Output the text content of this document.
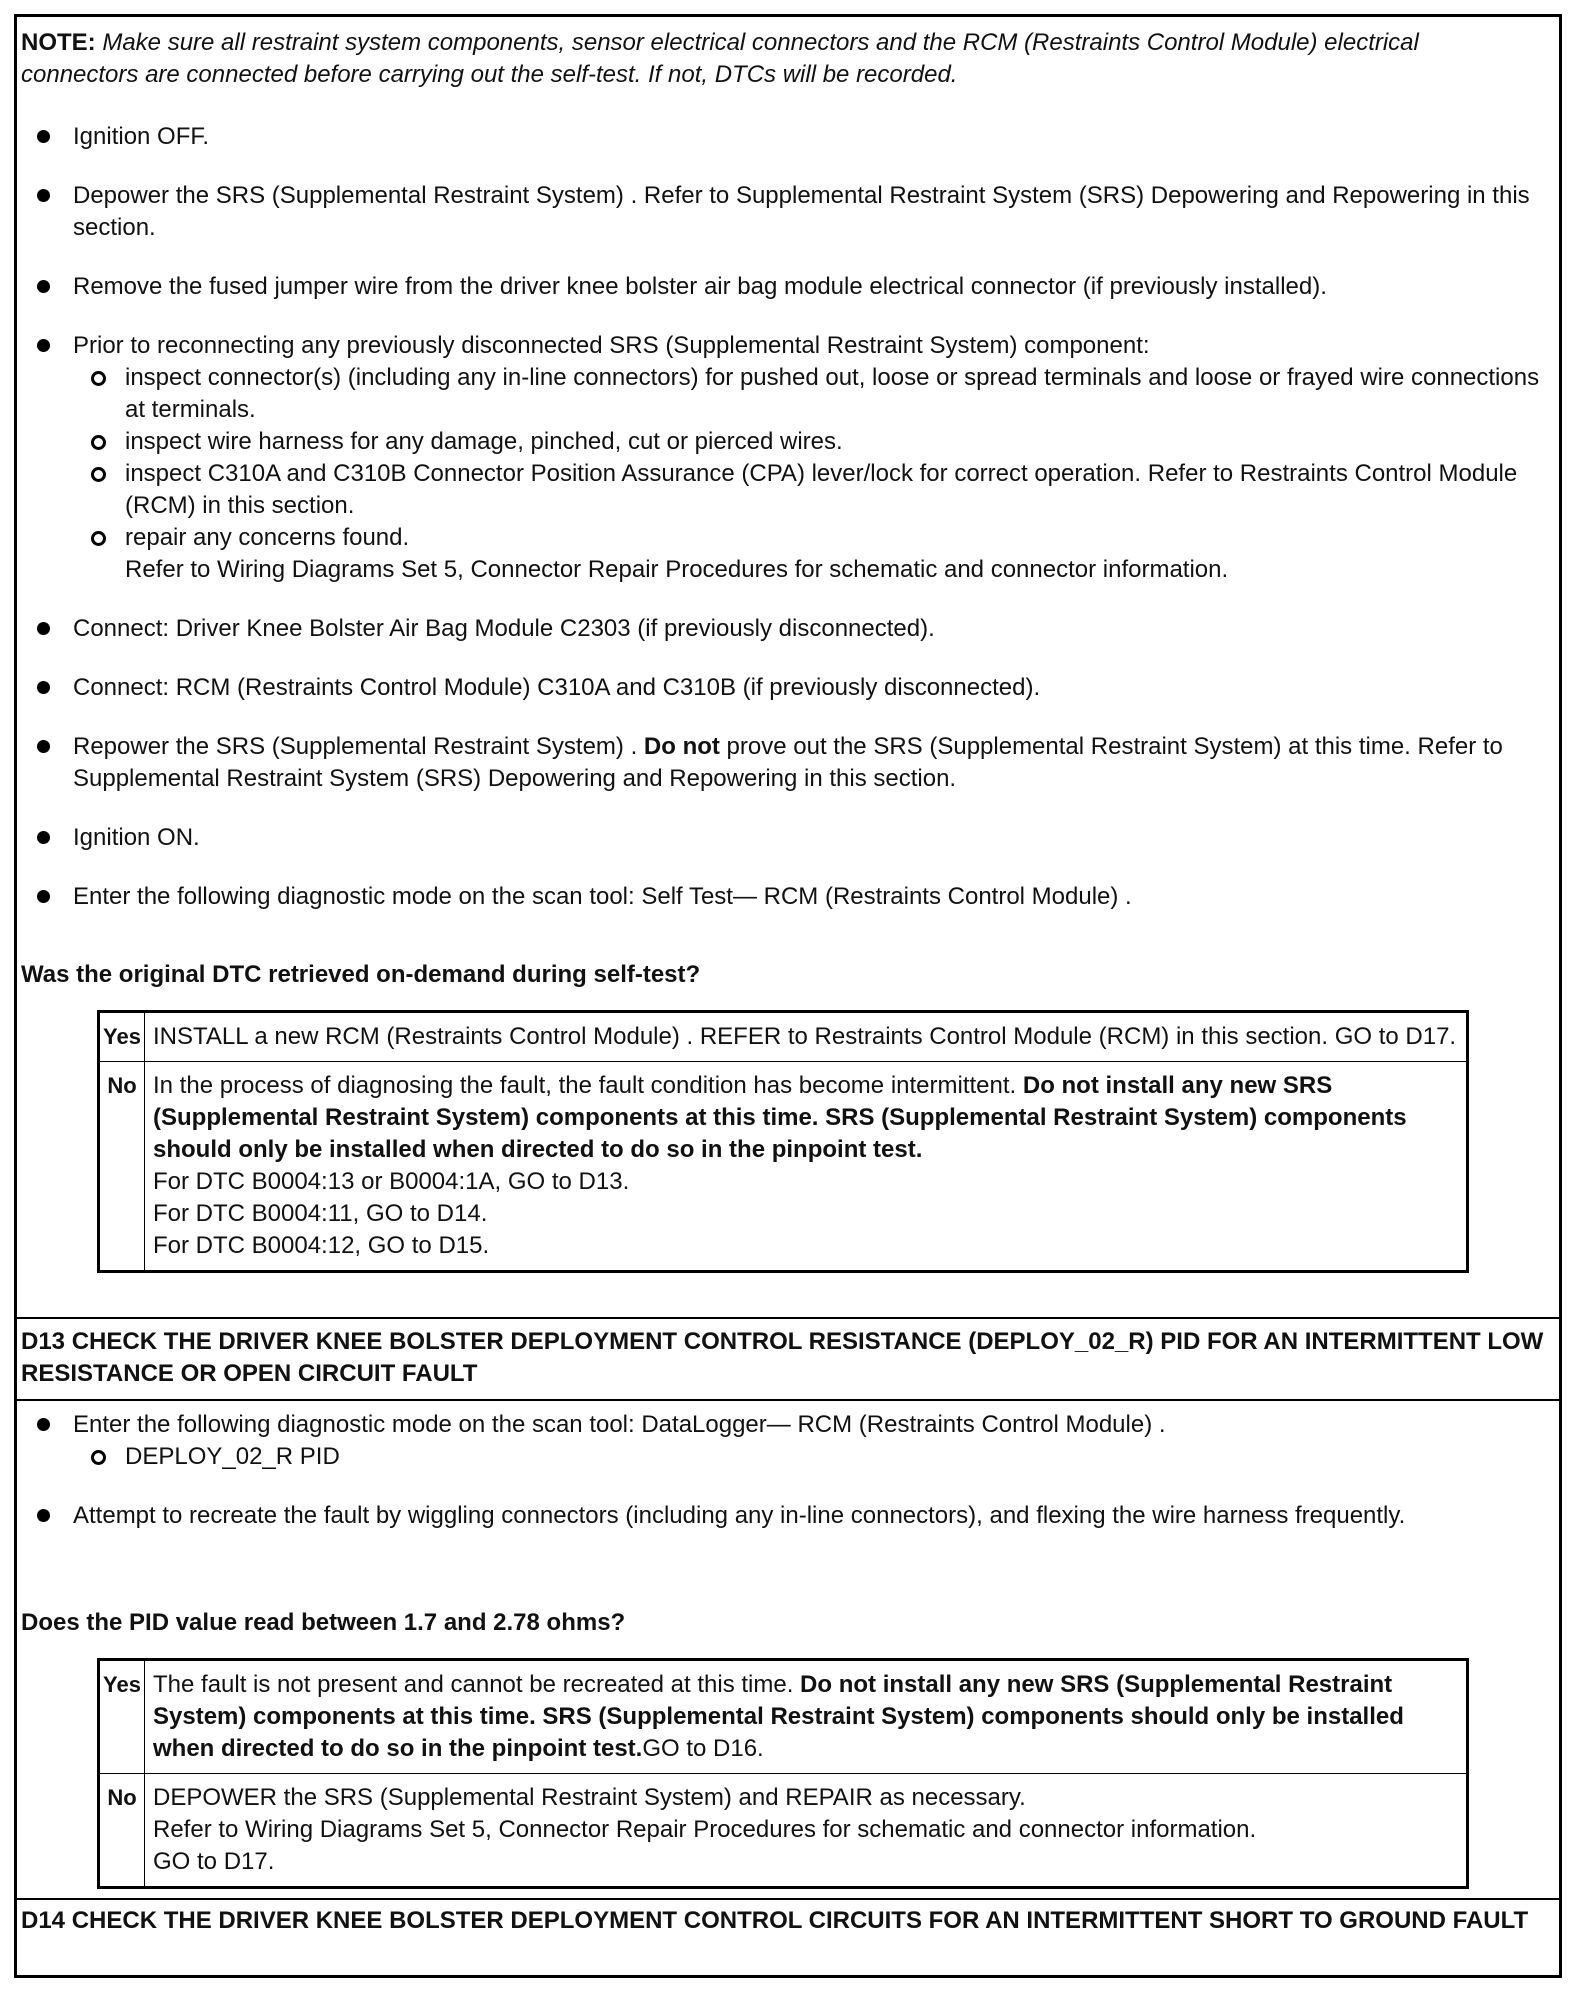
NOTE: Make sure all restraint system components, sensor electrical connectors and the RCM (Restraints Control Module) electrical connectors are connected before carrying out the self-test. If not, DTCs will be recorded.
Ignition OFF.
Depower the SRS (Supplemental Restraint System) . Refer to Supplemental Restraint System (SRS) Depowering and Repowering in this section.
Remove the fused jumper wire from the driver knee bolster air bag module electrical connector (if previously installed).
Prior to reconnecting any previously disconnected SRS (Supplemental Restraint System) component:
inspect connector(s) (including any in-line connectors) for pushed out, loose or spread terminals and loose or frayed wire connections at terminals.
inspect wire harness for any damage, pinched, cut or pierced wires.
inspect C310A and C310B Connector Position Assurance (CPA) lever/lock for correct operation. Refer to Restraints Control Module (RCM) in this section.
repair any concerns found.
Refer to Wiring Diagrams Set 5, Connector Repair Procedures for schematic and connector information.
Connect: Driver Knee Bolster Air Bag Module C2303 (if previously disconnected).
Connect: RCM (Restraints Control Module) C310A and C310B (if previously disconnected).
Repower the SRS (Supplemental Restraint System) . Do not prove out the SRS (Supplemental Restraint System) at this time. Refer to Supplemental Restraint System (SRS) Depowering and Repowering in this section.
Ignition ON.
Enter the following diagnostic mode on the scan tool: Self Test— RCM (Restraints Control Module) .
Was the original DTC retrieved on-demand during self-test?
Yes	INSTALL a new RCM (Restraints Control Module) . REFER to Restraints Control Module (RCM) in this section. GO to D17.
No	In the process of diagnosing the fault, the fault condition has become intermittent. Do not install any new SRS (Supplemental Restraint System) components at this time. SRS (Supplemental Restraint System) components should only be installed when directed to do so in the pinpoint test.
For DTC B0004:13 or B0004:1A, GO to D13.
For DTC B0004:11, GO to D14.
For DTC B0004:12, GO to D15.
D13 CHECK THE DRIVER KNEE BOLSTER DEPLOYMENT CONTROL RESISTANCE (DEPLOY_02_R) PID FOR AN INTERMITTENT LOW RESISTANCE OR OPEN CIRCUIT FAULT
Enter the following diagnostic mode on the scan tool: DataLogger— RCM (Restraints Control Module) .
DEPLOY_02_R PID
Attempt to recreate the fault by wiggling connectors (including any in-line connectors), and flexing the wire harness frequently.
Does the PID value read between 1.7 and 2.78 ohms?
Yes	The fault is not present and cannot be recreated at this time. Do not install any new SRS (Supplemental Restraint System) components at this time. SRS (Supplemental Restraint System) components should only be installed when directed to do so in the pinpoint test.GO to D16.
No	DEPOWER the SRS (Supplemental Restraint System) and REPAIR as necessary.
Refer to Wiring Diagrams Set 5, Connector Repair Procedures for schematic and connector information.
GO to D17.
D14 CHECK THE DRIVER KNEE BOLSTER DEPLOYMENT CONTROL CIRCUITS FOR AN INTERMITTENT SHORT TO GROUND FAULT
